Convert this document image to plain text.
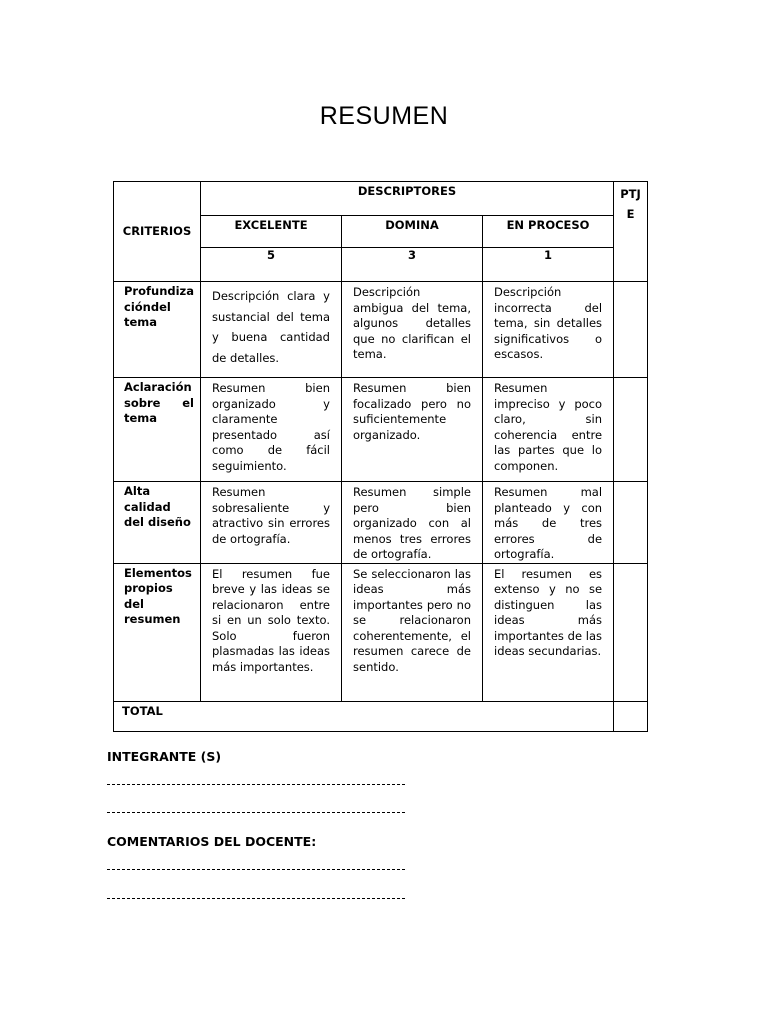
RESUMEN
CRITERIOS	DESCRIPTORES			PTJ
E
	EXCELENTE	DOMINA	EN PROCESO	
	5	3	1	
Profundiza cióndel tema	Descripción clara y sustancial del tema y buena cantidad de detalles.	Descripción ambigua del tema, algunos detalles que no clarifican el tema.	Descripción incorrecta del tema, sin detalles significativos o escasos.	

Aclaración sobre el tema	Resumen bien organizado y claramente presentado así como de fácil seguimiento.	Resumen bien focalizado pero no suficientemente organizado.	Resumen impreciso y poco claro, sin coherencia entre las partes que lo componen.	

Alta calidad del diseño	Resumen sobresaliente y atractivo sin errores de ortografía.	Resumen simple pero bien organizado con al menos tres errores de ortografía.	Resumen mal planteado y con más de tres errores de ortografía.	

Elementos propios del resumen	El resumen fue breve y las ideas se relacionaron entre si en un solo texto. Solo fueron plasmadas las ideas más importantes.	Se seleccionaron las ideas más importantes pero no se relacionaron coherentemente, el resumen carece de sentido.	El resumen es extenso y no se distinguen las ideas más importantes de las ideas secundarias.	

TOTAL				
INTEGRANTE (S)
COMENTARIOS DEL DOCENTE:
